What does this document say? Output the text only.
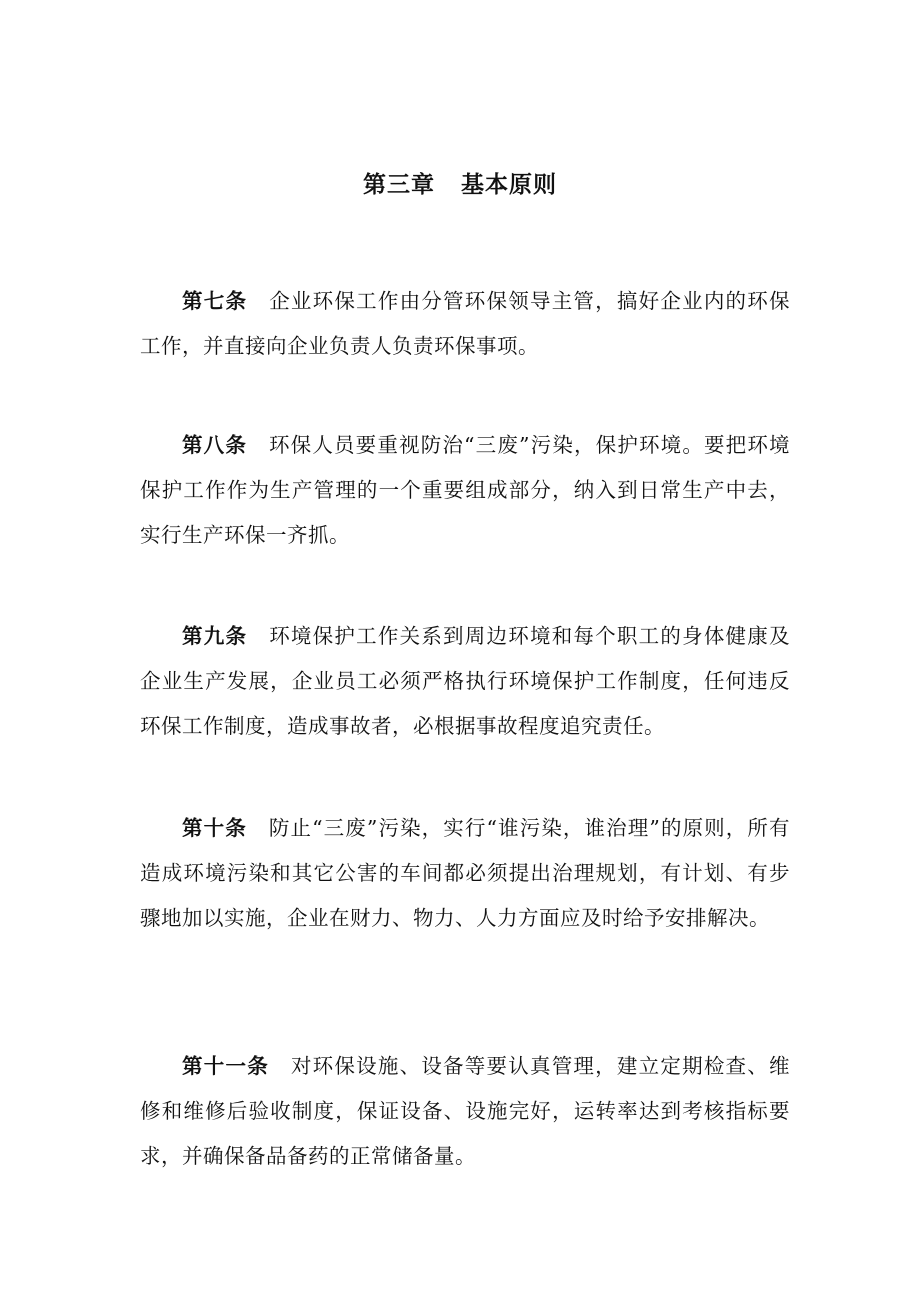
第三章 基本原则

第七条 企业环保工作由分管环保领导主管，搞好企业内的环保工作，并直接向企业负责人负责环保事项。

第八条 环保人员要重视防治“三废”污染，保护环境。要把环境保护工作作为生产管理的一个重要组成部分，纳入到日常生产中去，实行生产环保一齐抓。

第九条 环境保护工作关系到周边环境和每个职工的身体健康及企业生产发展，企业员工必须严格执行环境保护工作制度，任何违反环保工作制度，造成事故者，必根据事故程度追究责任。

第十条 防止“三废”污染，实行“谁污染，谁治理”的原则，所有造成环境污染和其它公害的车间都必须提出治理规划，有计划、有步骤地加以实施，企业在财力、物力、人力方面应及时给予安排解决。

第十一条 对环保设施、设备等要认真管理，建立定期检查、维修和维修后验收制度，保证设备、设施完好，运转率达到考核指标要求，并确保备品备药的正常储备量。
